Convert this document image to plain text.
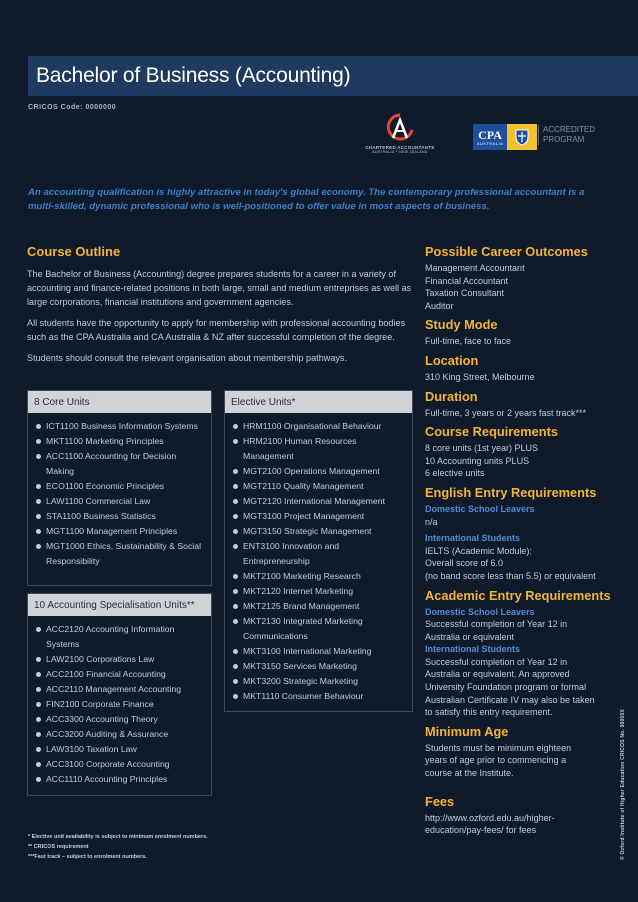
Bachelor of Business (Accounting)
CRICOS Code: 0000000
CHARTERED ACCOUNTANTS
AUSTRALIA + NEW ZEALAND
CPA
AUSTRALIA
ACCREDITED
PROGRAM
An accounting qualification is highly attractive in today's global economy. The contemporary professional accountant is a multi-skilled, dynamic professional who is well-positioned to offer value in most aspects of business.
Course Outline

The Bachelor of Business (Accounting) degree prepares students for a career in a variety of accounting and finance-related positions in both large, small and medium entreprises as well as large corporations, financial institutions and government agencies.

All students have the opportunity to apply for membership with professional accounting bodies such as the CPA Australia and CA Australia & NZ after successful completion of the degree.

Students should consult the relevant organisation about membership pathways.

8 Core Units
ICT1100 Business Information Systems
MKT1100 Marketing Principles
ACC1100 Accounting for Decision Making
ECO1100 Economic Principles
LAW1100 Commercial Law
STA1100 Business Statistics
MGT1100 Management Principles
MGT1000 Ethics, Sustainability & Social Responsibility
10 Accounting Specialisation Units**
ACC2120 Accounting Information Systems
LAW2100 Corporations Law
ACC2100 Financial Accounting
ACC2110 Management Accounting
FIN2100 Corporate Finance
ACC3300 Accounting Theory
ACC3200 Auditing & Assurance
LAW3100 Taxation Law
ACC3100 Corporate Accounting
ACC1110 Accounting Principles
Elective Units*
HRM1100 Organisational Behaviour
HRM2100 Human Resources Management
MGT2100 Operations Management
MGT2110 Quality Management
MGT2120 International Management
MGT3100 Project Management
MGT3150 Strategic Management
ENT3100 Innovation and Entrepreneurship
MKT2100 Marketing Research
MKT2120 Internet Marketing
MKT2125 Brand Management
MKT2130 Integrated Marketing Communications
MKT3100 International Marketing
MKT3150 Services Marketing
MKT3200 Strategic Marketing
MKT1110 Consumer Behaviour
Possible Career Outcomes
Management Accountant
Financial Accountant
Taxation Consultant
Auditor
Study Mode
Full-time, face to face
Location
310 King Street, Melbourne
Duration
Full-time, 3 years or 2 years fast track***
Course Requirements
8 core units (1st year) PLUS
10 Accounting units PLUS
6 elective units
English Entry Requirements
Domestic School Leavers
n/a
International Students
IELTS (Academic Module):
Overall score of 6.0
(no band score less than 5.5) or equivalent
Academic Entry Requirements
Domestic School Leavers
Successful completion of Year 12 in
Australia or equivalent
International Students
Successful completion of Year 12 in
Australia or equivalent. An approved
University Foundation program or formal
Australian Certificate IV may also be taken
to satisfy this entry requirement.
Minimum Age
Students must be minimum eighteen
years of age prior to commencing a
course at the Institute.
Fees
http://www.ozford.edu.au/higher-
education/pay-fees/ for fees
* Elective unit availability is subject to minimum enrolment numbers.
** CRICOS requirement
***Fast track – subject to enrolment numbers.	© Ozford Institute of Higher Education CRICOS No. 00000X
